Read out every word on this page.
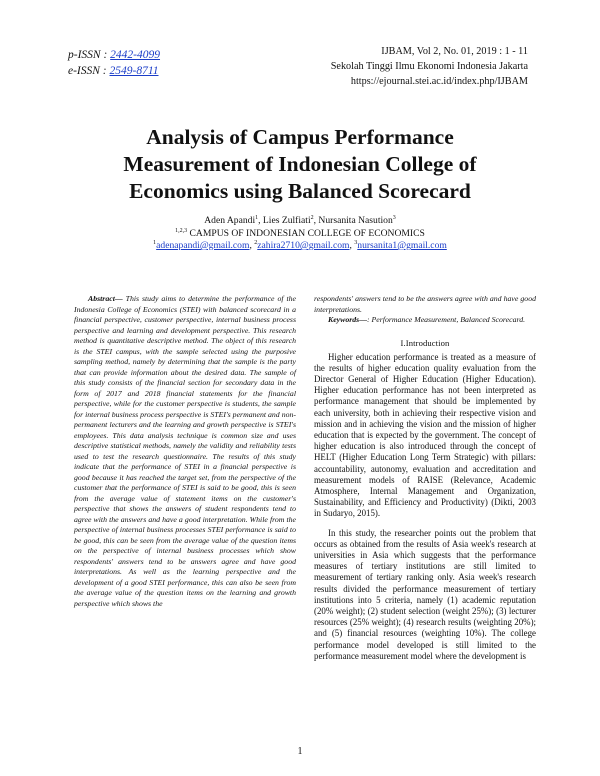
p-ISSN : 2442-4099
e-ISSN : 2549-8711
IJBAM, Vol 2, No. 01, 2019 : 1 - 11
Sekolah Tinggi Ilmu Ekonomi Indonesia Jakarta
https://ejournal.stei.ac.id/index.php/IJBAM
Analysis of Campus Performance
Measurement of Indonesian College of
Economics using Balanced Scorecard
Aden Apandi$^1$, Lies Zulfiati$^2$, Nursanita Nasution$^3$
$^{1,2,3}$ CAMPUS OF INDONESIAN COLLEGE OF ECONOMICS
$^1$adenapandi@gmail.com, $^2$zahira2710@gmail.com, $^3$nursanita1@gmail.com

Abstract— This study aims to determine the performance of the Indonesia College of Economics (STEI) with balanced scorecard in a financial perspective, customer perspective, internal business process perspective and learning and development perspective. This research method is quantitative descriptive method. The object of this research is the STEI campus, with the sample selected using the purposive sampling method, namely by determining that the sample is the party that can provide information about the desired data. The sample of this study consists of the financial section for secondary data in the form of 2017 and 2018 financial statements for the financial perspective, while for the customer perspective is students, the sample for internal business process perspective is STEI's permanent and non-permanent lecturers and the learning and growth perspective is STEI's employees. This data analysis technique is common size and uses descriptive statistical methods, namely the validity and reliability tests used to test the research questionnaire. The results of this study indicate that the performance of STEI in a financial perspective is good because it has reached the target set, from the perspective of the customer that the performance of STEI is said to be good, this is seen from the average value of statement items on the customer's perspective that shows the answers of student respondents tend to agree with the answers and have a good interpretation. While from the perspective of internal business processes STEI performance is said to be good, this can be seen from the average value of the question items on the perspective of internal business processes which show respondents' answers tend to be answers agree and have good interpretations. As well as the learning perspective and the development of a good STEI performance, this can also be seen from the average value of the question items on the learning and growth perspective which shows the

respondents' answers tend to be the answers agree with and have good interpretations.

Keywords—: Performance Measurement, Balanced Scorecard.

I.Introduction

Higher education performance is treated as a measure of the results of higher education quality evaluation from the Director General of Higher Education (Higher Education). Higher education performance has not been interpreted as performance management that should be implemented by each university, both in achieving their respective vision and mission and in achieving the vision and the mission of higher education that is expected by the government. The concept of higher education is also introduced through the concept of HELT (Higher Education Long Term Strategic) with pillars: accountability, autonomy, evaluation and accreditation and measurement models of RAISE (Relevance, Academic Atmosphere, Internal Management and Organization, Sustainability, and Efficiency and Productivity) (Dikti, 2003 in Sudaryo, 2015).

In this study, the researcher points out the problem that occurs as obtained from the results of Asia week's research at universities in Asia which suggests that the performance measures of tertiary institutions are still limited to measurement of tertiary ranking only. Asia week's research results divided the performance measurement of tertiary institutions into 5 criteria, namely (1) academic reputation (20% weight); (2) student selection (weight 25%); (3) lecturer resources (25% weight); (4) research results (weighting 20%); and (5) financial resources (weighting 10%). The college performance model developed is still limited to the performance measurement model where the development is

1
